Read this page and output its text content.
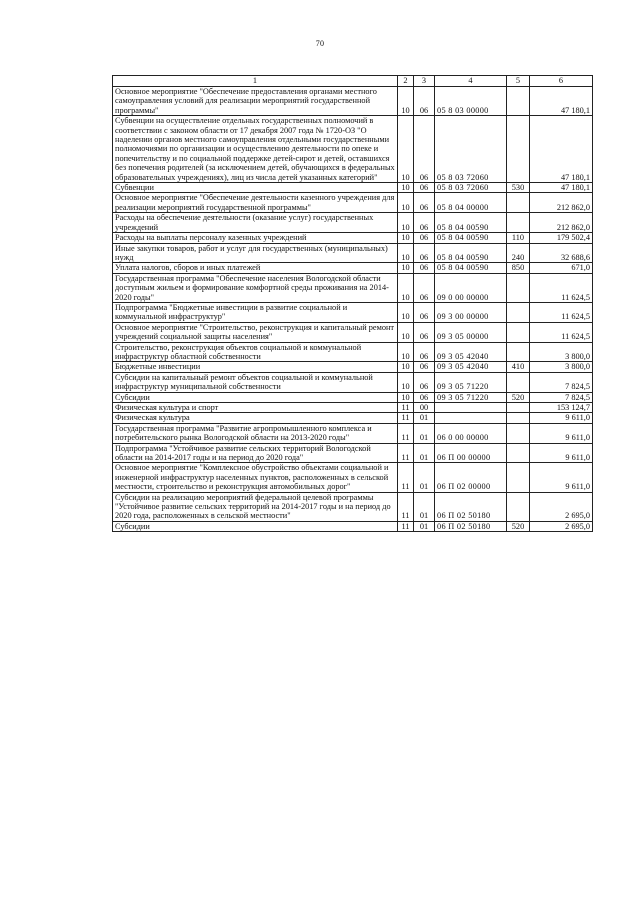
70
1	2	3	4	5	6
Основное мероприятие "Обеспечение предоставления органами местного самоуправления условий для реализации мероприятий государственной программы"	10	06	05 8 03 00000		47 180,1
Субвенции на осуществление отдельных государственных полномочий в соответствии с законом области от 17 декабря 2007 года № 1720-ОЗ "О наделении органов местного самоуправления отдельными государственными полномочиями по организации и осуществлению деятельности по опеке и попечительству и по социальной поддержке детей-сирот и детей, оставшихся без попечения родителей (за исключением детей, обучающихся в федеральных образовательных учреждениях), лиц из числа детей указанных категорий"	10	06	05 8 03 72060		47 180,1
Субвенции	10	06	05 8 03 72060	530	47 180,1
Основное мероприятие "Обеспечение деятельности казенного учреждения для реализации мероприятий государственной программы"	10	06	05 8 04 00000		212 862,0
Расходы на обеспечение деятельности (оказание услуг) государственных учреждений	10	06	05 8 04 00590		212 862,0
Расходы на выплаты персоналу казенных учреждений	10	06	05 8 04 00590	110	179 502,4
Иные закупки товаров, работ и услуг для государственных (муниципальных) нужд	10	06	05 8 04 00590	240	32 688,6
Уплата налогов, сборов и иных платежей	10	06	05 8 04 00590	850	671,0
Государственная программа "Обеспечение населения Вологодской области доступным жильем и формирование комфортной среды проживания на 2014-2020 годы"	10	06	09 0 00 00000		11 624,5
Подпрограмма "Бюджетные инвестиции в развитие социальной и коммунальной инфраструктур"	10	06	09 3 00 00000		11 624,5
Основное мероприятие "Строительство, реконструкция и капитальный ремонт учреждений социальной защиты населения"	10	06	09 3 05 00000		11 624,5
Строительство, реконструкция объектов социальной и коммунальной инфраструктур областной собственности	10	06	09 3 05 42040		3 800,0
Бюджетные инвестиции	10	06	09 3 05 42040	410	3 800,0
Субсидии на капитальный ремонт объектов социальной и коммунальной инфраструктур муниципальной собственности	10	06	09 3 05 71220		7 824,5
Субсидии	10	06	09 3 05 71220	520	7 824,5
Физическая культура и спорт	11	00			153 124,7
Физическая культура	11	01			9 611,0
Государственная программа "Развитие агропромышленного комплекса и потребительского рынка Вологодской области на 2013-2020 годы"	11	01	06 0 00 00000		9 611,0
Подпрограмма "Устойчивое развитие сельских территорий Вологодской области на 2014-2017 годы и на период до 2020 года"	11	01	06 П 00 00000		9 611,0
Основное мероприятие "Комплексное обустройство объектами социальной и инженерной инфраструктур населенных пунктов, расположенных в сельской местности, строительство и реконструкция автомобильных дорог"	11	01	06 П 02 00000		9 611,0
Субсидии на реализацию мероприятий федеральной целевой программы "Устойчивое развитие сельских территорий на 2014-2017 годы и на период до 2020 года, расположенных в сельской местности"	11	01	06 П 02 50180		2 695,0
Субсидии	11	01	06 П 02 50180	520	2 695,0
